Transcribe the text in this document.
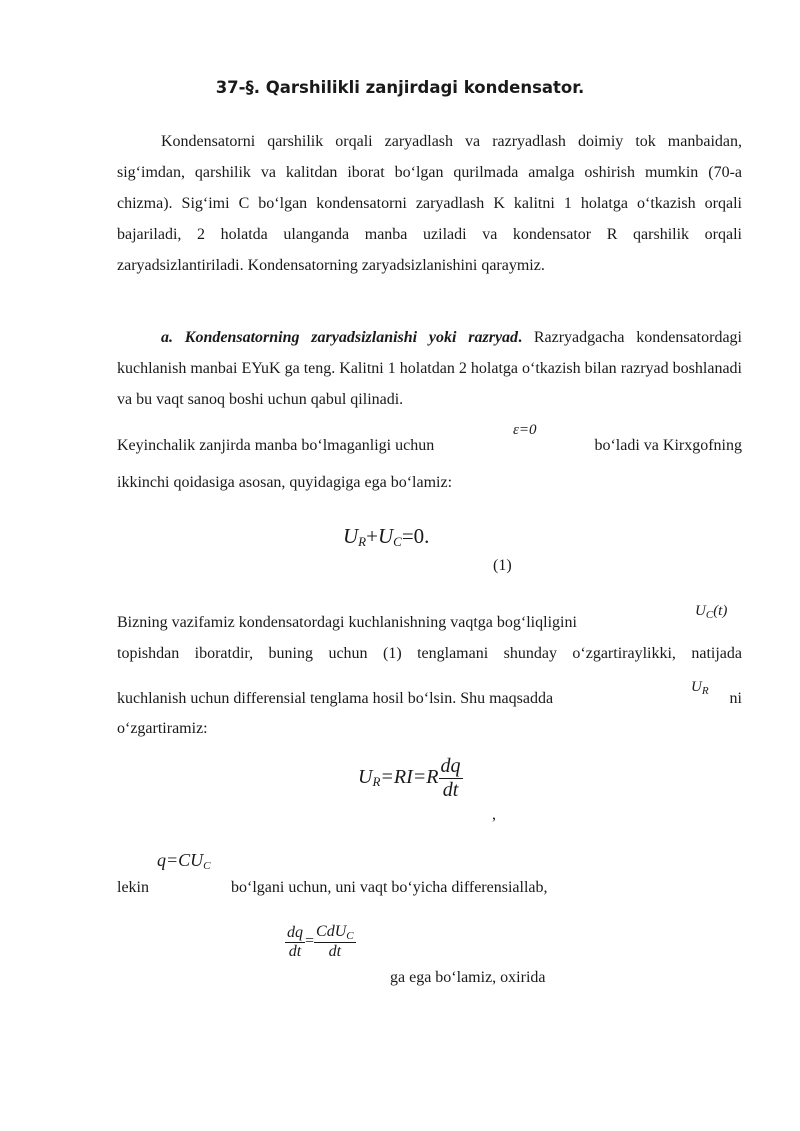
37-§. Qarshilikli zanjirdagi kondensator.
Kondensatorni qarshilik orqali zaryadlash va razryadlash doimiy tok manbaidan, sig‘imdan, qarshilik va kalitdan iborat bo‘lgan qurilmada amalga oshirish mumkin (70-a chizma). Sig‘imi C bo‘lgan kondensatorni zaryadlash K kalitni 1 holatga o‘tkazish orqali bajariladi, 2 holatda ulanganda manba uziladi va kondensator R qarshilik orqali zaryadsizlantiriladi. Kondensatorning zaryadsizlanishini qaraymiz.
a. Kondensatorning zaryadsizlanishi yoki razryad. Razryadgacha kondensatordagi kuchlanish manbai EYuK ga teng. Kalitni 1 holatdan 2 holatga o‘tkazish bilan razryad boshlanadi va bu vaqt sanoq boshi uchun qabul qilinadi.
Keyinchalik zanjirda manba bo‘lmaganligi uchun	bo‘ladi va Kirxgofning
ε=0
ikkinchi qoidasiga asosan, quyidagiga ega bo‘lamiz:
$U_R+U_C=0$.
(1)
Bizning vazifamiz kondensatordagi kuchlanishning vaqtga bog‘liqligini
$U_C(t)$
topishdan iboratdir, buning uchun (1) tenglamani shunday o‘zgartiraylikki, natijada
kuchlanish uchun differensial tenglama hosil bo‘lsin. Shu maqsadda	ni
$U_R$
o‘zgartiramiz:
$U_R=RI=R \frac{dq}{dt}$
,
$q=CU_C$
lekin	bo‘lgani uchun, uni vaqt bo‘yicha differensiallab,
$\frac{dq}{dt} = \frac{CdU_C}{dt}$
ga ega bo‘lamiz, oxirida
